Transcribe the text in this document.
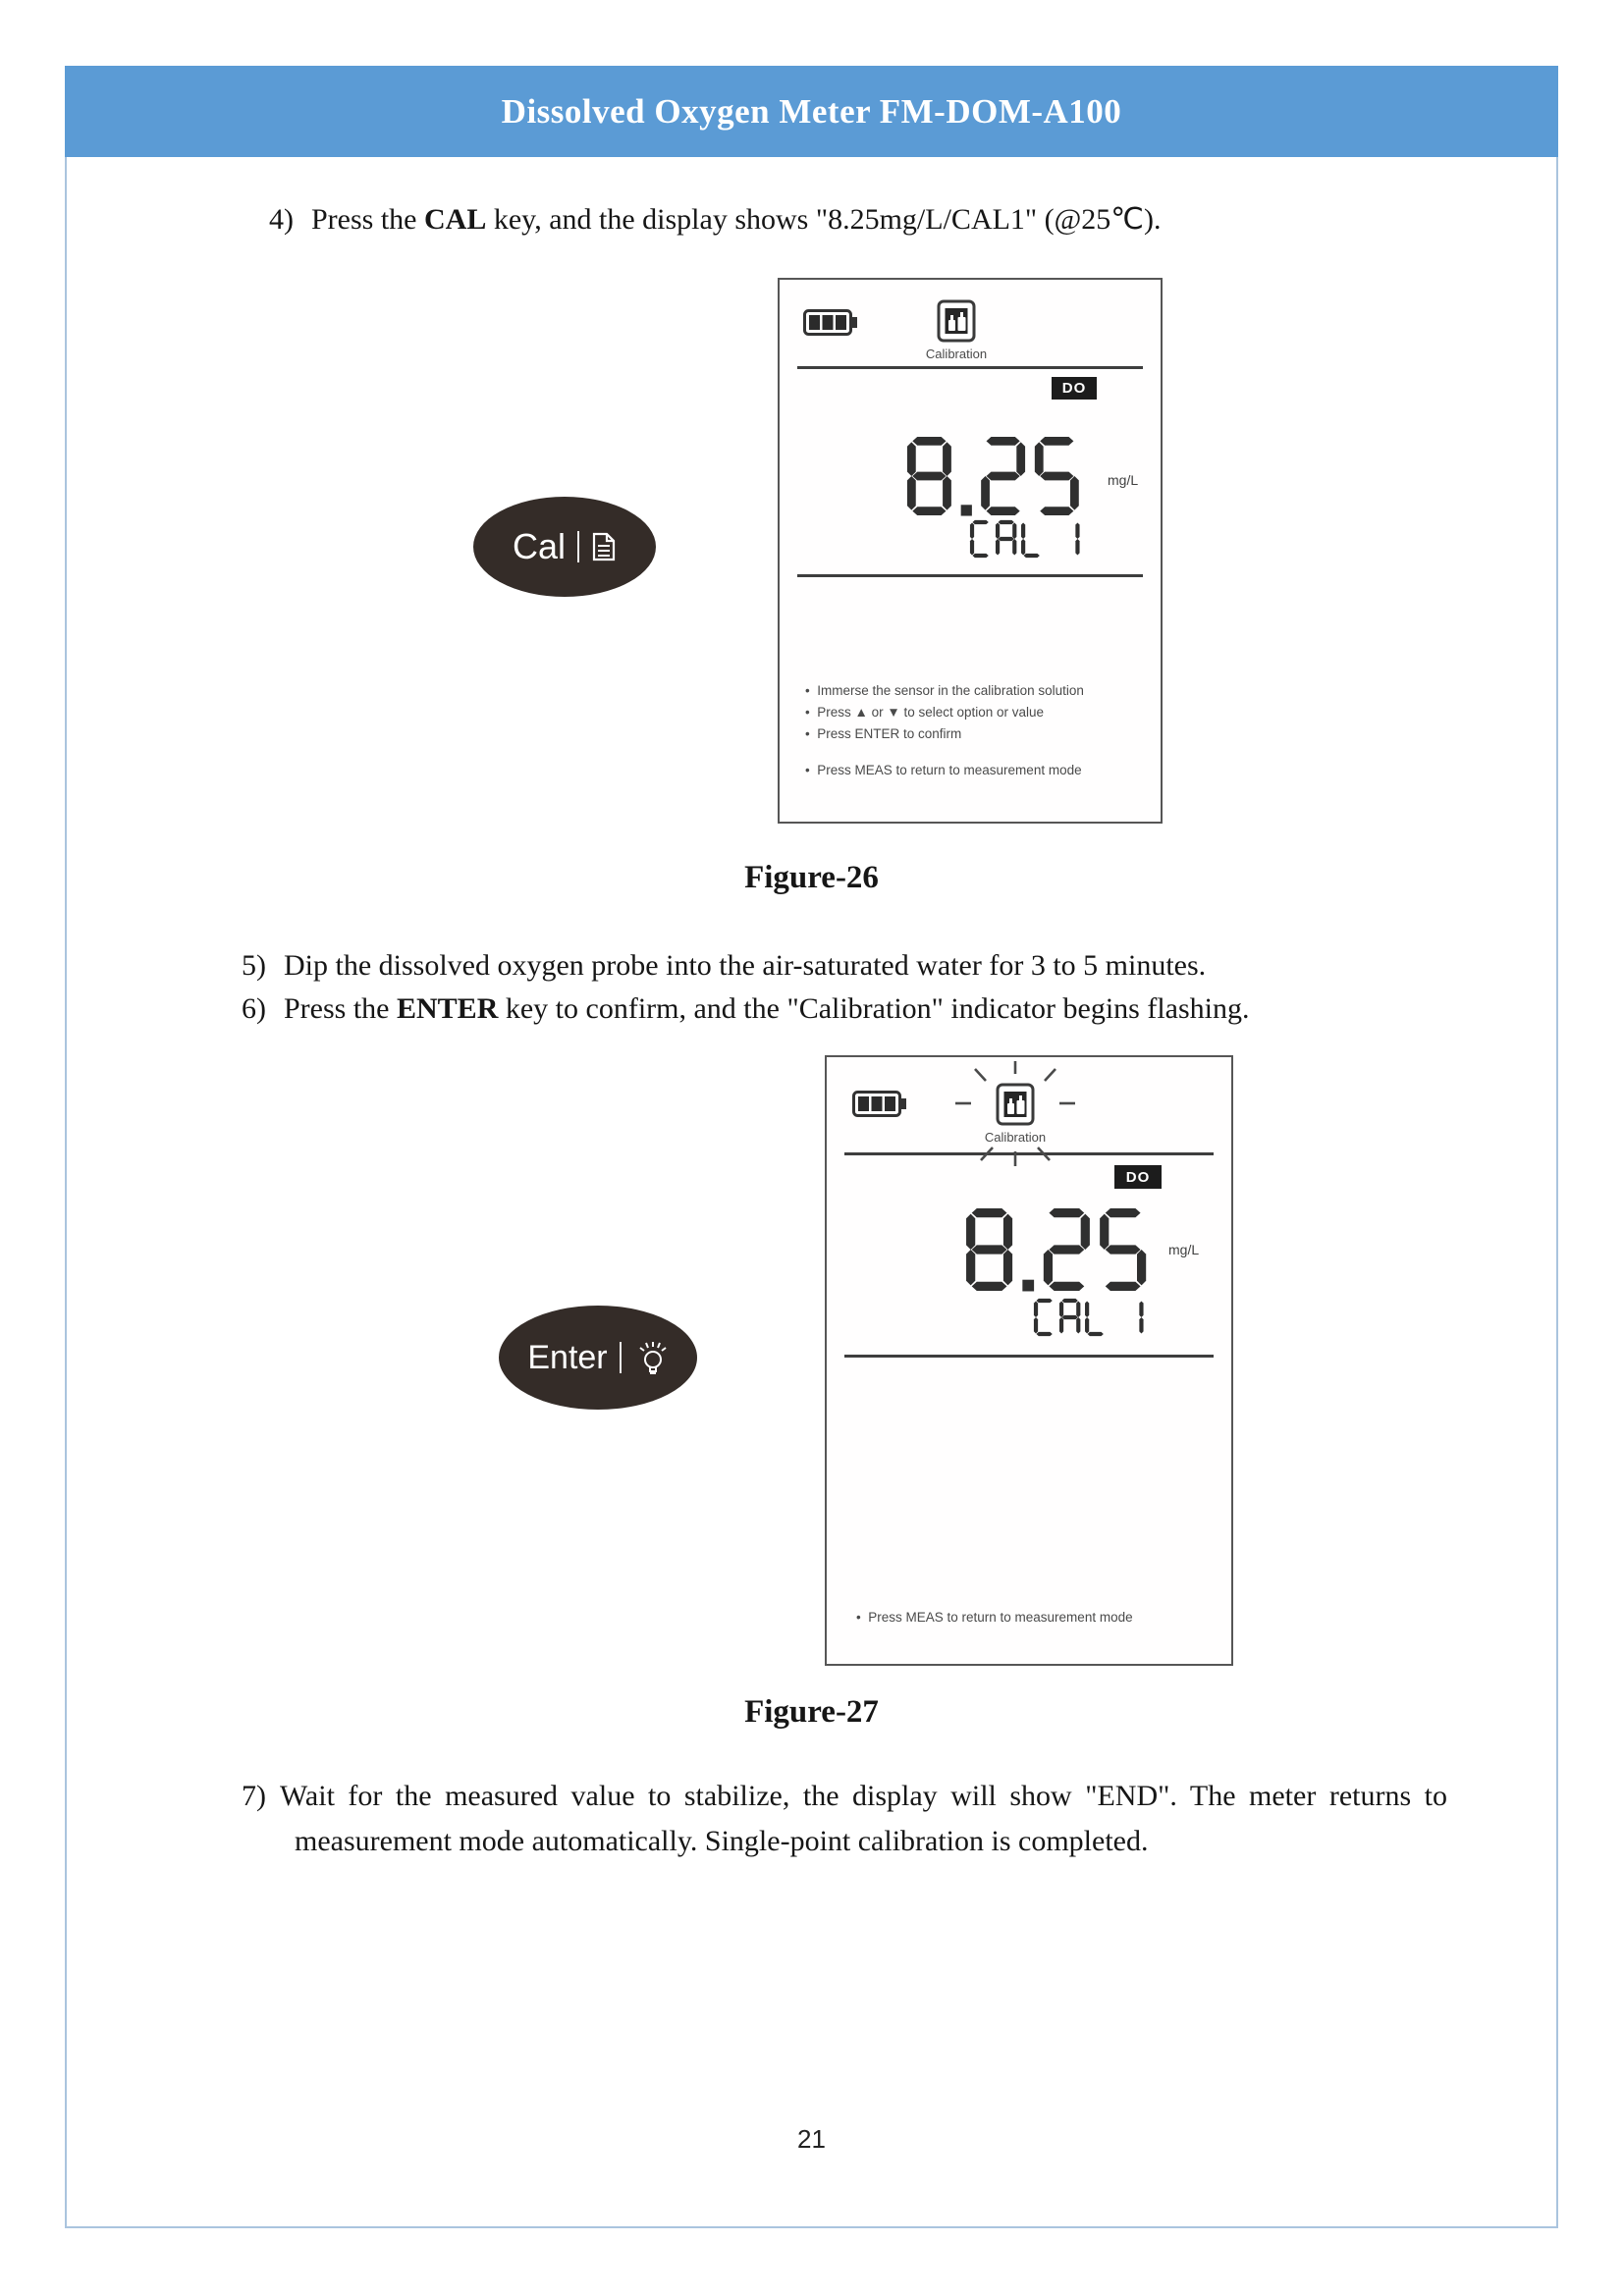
Dissolved Oxygen Meter FM-DOM-A100
4) Press the CAL key, and the display shows "8.25mg/L/CAL1" (@25℃).
Calibration
DO
mg/L
•  Immerse the sensor in the calibration solution
•  Press ▲ or ▼ to select option or value
•  Press ENTER to confirm
•  Press MEAS to return to measurement mode
Cal
Figure-26
5) Dip the dissolved oxygen probe into the air-saturated water for 3 to 5 minutes.
6) Press the ENTER key to confirm, and the "Calibration" indicator begins flashing.
Calibration
DO
mg/L
•  Press MEAS to return to measurement mode
Enter
Figure-27
7) Wait for the measured value to stabilize, the display will show "END". The meter returns to measurement mode automatically. Single-point calibration is completed.
21
